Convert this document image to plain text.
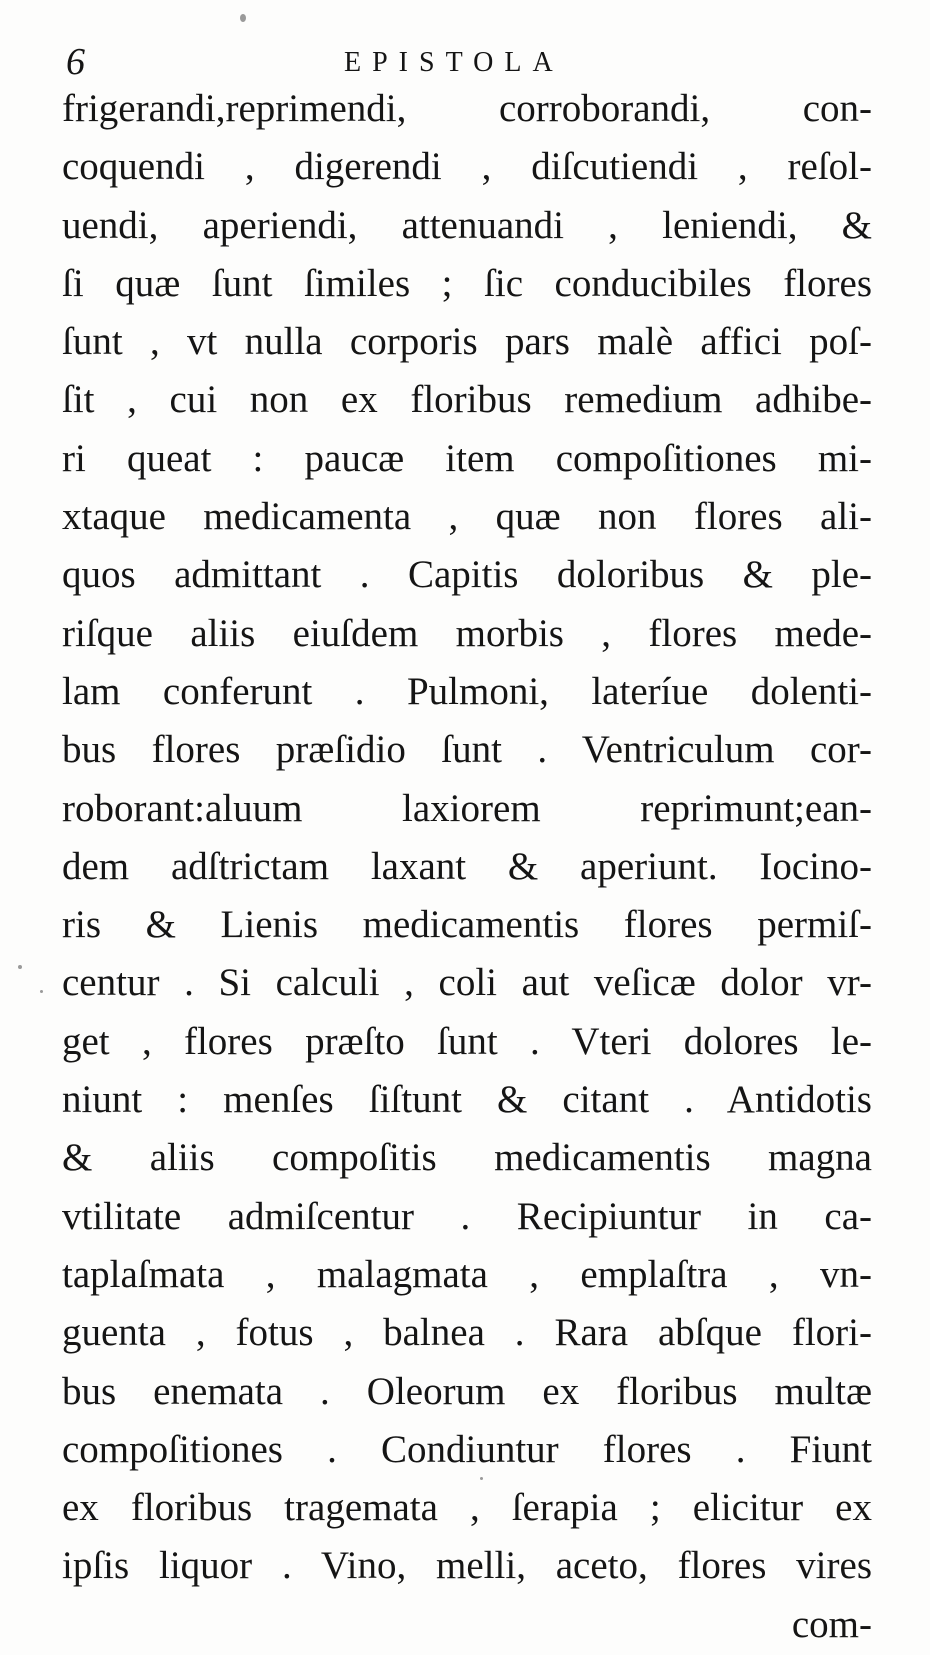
6	EPISTOLA
frigerandi,reprimendi, corroborandi, con-
coquendi , digerendi , diſcutiendi , reſol-
uendi, aperiendi, attenuandi , leniendi, &
ſi quæ ſunt ſimiles ; ſic conducibiles flores
ſunt , vt nulla corporis pars malè affici poſ-
ſit , cui non ex floribus remedium adhibe-
ri queat : paucæ item compoſitiones mi-
xtaque medicamenta , quæ non flores ali-
quos admittant . Capitis doloribus & ple-
riſque aliis eiuſdem morbis , flores mede-
lam conferunt . Pulmoni, lateríue dolenti-
bus flores præſidio ſunt . Ventriculum cor-
roborant:aluum laxiorem reprimunt;ean-
dem adſtrictam laxant & aperiunt. Iocino-
ris & Lienis medicamentis flores permiſ-
centur . Si calculi , coli aut veſicæ dolor vr-
get , flores præſto ſunt . Vteri dolores le-
niunt : menſes ſiſtunt & citant . Antidotis
& aliis compoſitis medicamentis magna
vtilitate admiſcentur . Recipiuntur in ca-
taplaſmata , malagmata , emplaſtra , vn-
guenta , fotus , balnea . Rara abſque flori-
bus enemata . Oleorum ex floribus multæ
compoſitiones . Condiuntur flores . Fiunt
ex floribus tragemata , ſerapia ; elicitur ex
ipſis liquor . Vino, melli, aceto, flores vires
com-
